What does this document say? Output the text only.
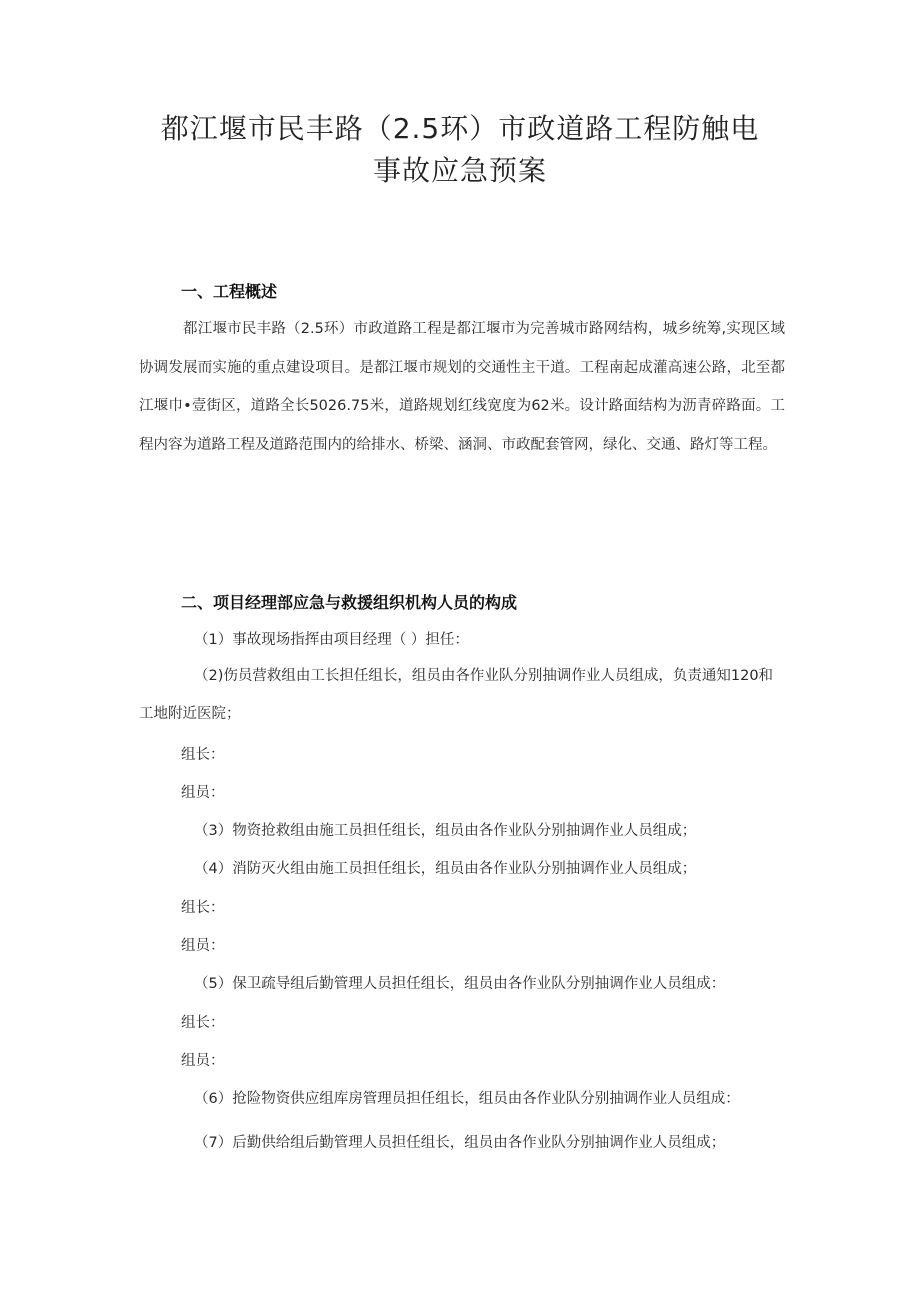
都江堰市民丰路（2.5环）市政道路工程防触电
事故应急预案
一、工程概述
都江堰市民丰路（2.5环）市政道路工程是都江堰市为完善城市路网结构，城乡统筹,实现区域协调发展而实施的重点建设项目。是都江堰市规划的交通性主干道。工程南起成灌高速公路，北至都江堰巾•壹街区，道路全长5026.75米，道路规划红线宽度为62米。设计路面结构为沥青碎路面。工程内容为道路工程及道路范围内的给排水、桥梁、涵洞、市政配套管网，绿化、交通、路灯等工程。
二、项目经理部应急与救援组织机构人员的构成
（1）事故现场指挥由项目经理（ ）担任：
（2)伤员营救组由工长担任组长，组员由各作业队分别抽调作业人员组成，负责通知120和工地附近医院；
组长：
组员：
（3）物资抢救组由施工员担任组长，组员由各作业队分别抽调作业人员组成；
（4）消防灭火组由施工员担任组长，组员由各作业队分别抽调作业人员组成；
组长：
组员：
（5）保卫疏导组后勤管理人员担任组长，组员由各作业队分别抽调作业人员组成：
组长：
组员：
（6）抢险物资供应组库房管理员担任组长，组员由各作业队分别抽调作业人员组成：
（7）后勤供给组后勤管理人员担任组长，组员由各作业队分别抽调作业人员组成；
